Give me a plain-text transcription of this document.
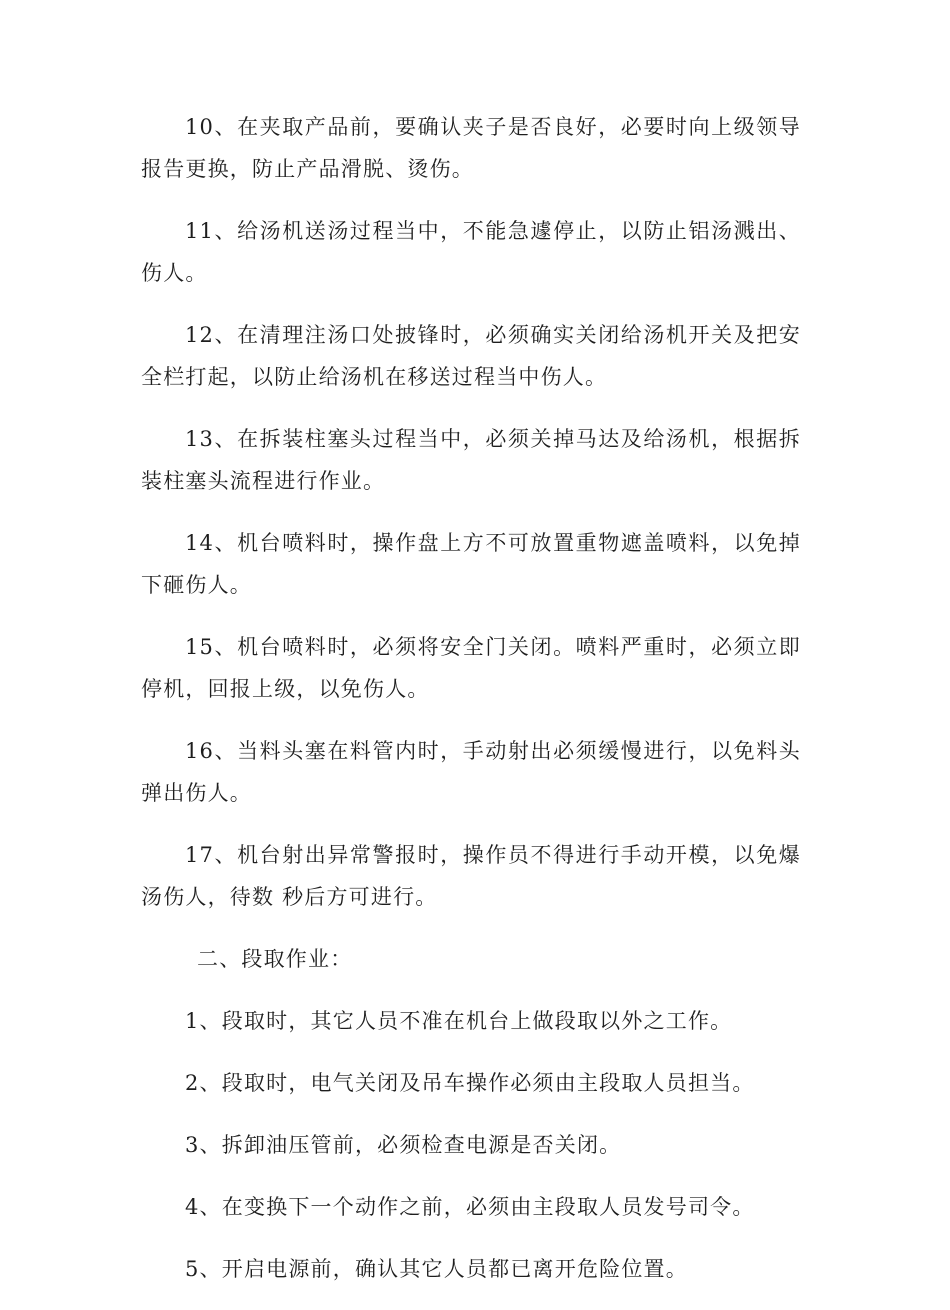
10、在夹取产品前，要确认夹子是否良好，必要时向上级领导报告更换，防止产品滑脱、烫伤。

11、给汤机送汤过程当中，不能急遽停止，以防止铝汤溅出、伤人。

12、在清理注汤口处披锋时，必须确实关闭给汤机开关及把安全栏打起，以防止给汤机在移送过程当中伤人。

13、在拆装柱塞头过程当中，必须关掉马达及给汤机，根据拆装柱塞头流程进行作业。

14、机台喷料时，操作盘上方不可放置重物遮盖喷料，以免掉下砸伤人。

15、机台喷料时，必须将安全门关闭。喷料严重时，必须立即停机，回报上级，以免伤人。

16、当料头塞在料管内时，手动射出必须缓慢进行，以免料头弹出伤人。

17、机台射出异常警报时，操作员不得进行手动开模，以免爆汤伤人，待数 秒后方可进行。

二、段取作业：

1、段取时，其它人员不准在机台上做段取以外之工作。

2、段取时，电气关闭及吊车操作必须由主段取人员担当。

3、拆卸油压管前，必须检查电源是否关闭。

4、在变换下一个动作之前，必须由主段取人员发号司令。

5、开启电源前，确认其它人员都已离开危险位置。
